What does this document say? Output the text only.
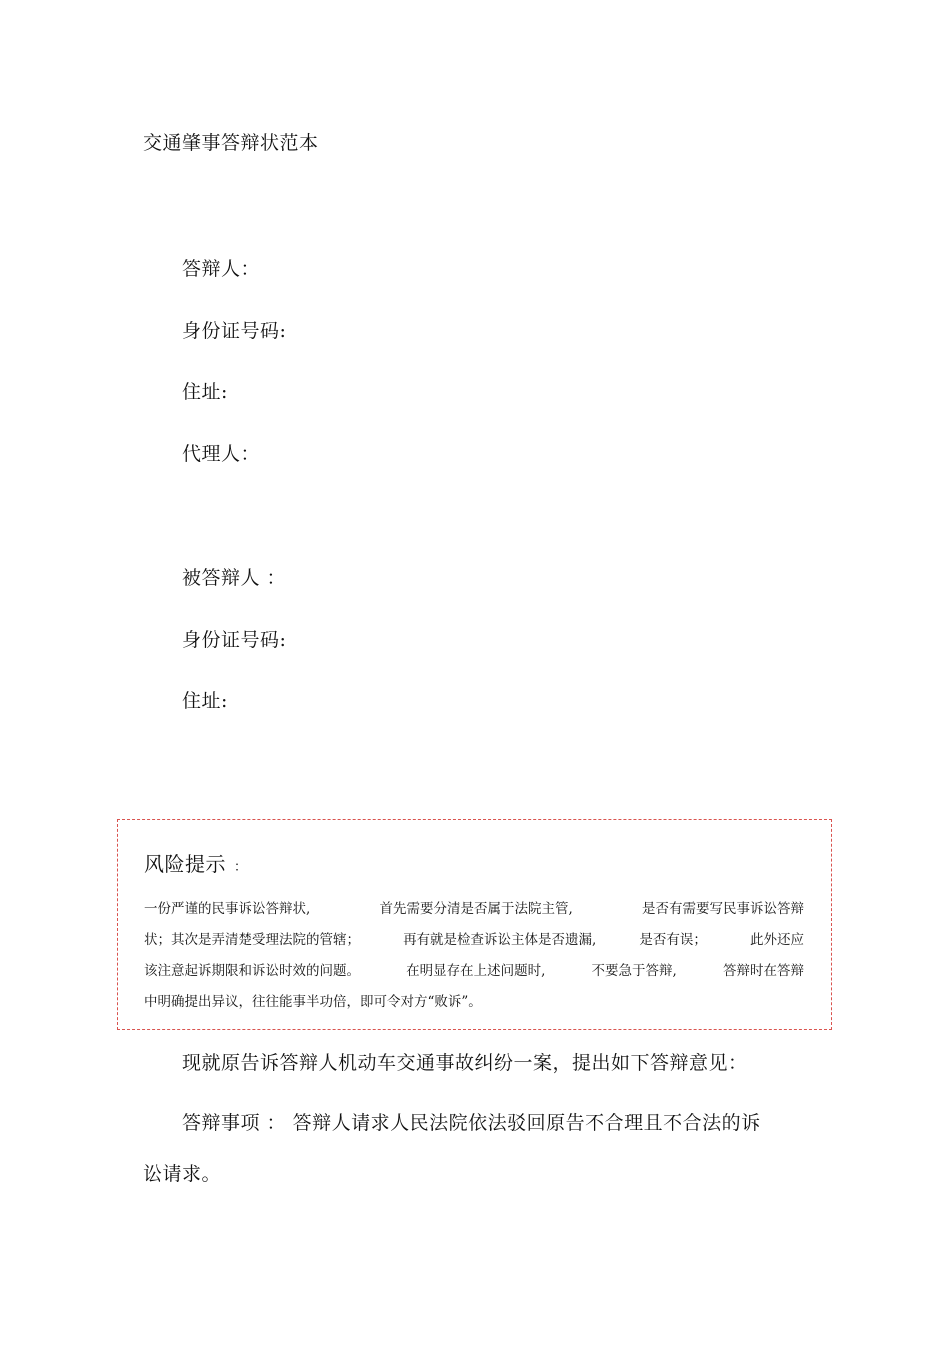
交通肇事答辩状范本
答辩人：
身份证号码:
住址:
代理人：
被答辩人 ：
身份证号码:
住址:
风险提示 ：
一份严谨的民事诉讼答辩状,	首先需要分清是否属于法院主管,	是否有需要写民事诉讼答辩
状；其次是弄清楚受理法院的管辖；	再有就是检查诉讼主体是否遗漏,	是否有误；	此外还应
该注意起诉期限和诉讼时效的问题。	在明显存在上述问题时,	不要急于答辩,	答辩时在答辩
中明确提出异议，往往能事半功倍，即可令对方“败诉”。
现就原告诉答辩人机动车交通事故纠纷一案，提出如下答辩意见：
答辩事项 ： 答辩人请求人民法院依法驳回原告不合理且不合法的诉
讼请求。
